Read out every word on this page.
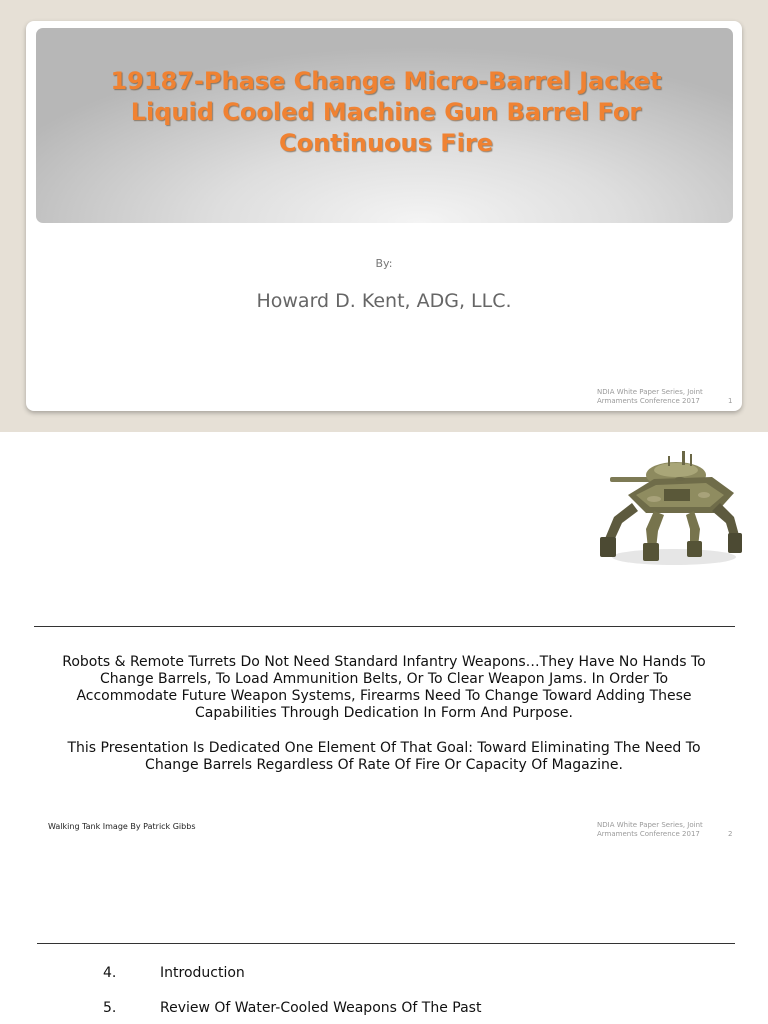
19187-Phase Change Micro-Barrel Jacket Liquid Cooled Machine Gun Barrel For Continuous Fire
By:
Howard D. Kent, ADG, LLC.
NDIA White Paper Series, Joint Armaments Conference 2017	1

Robots & Remote Turrets Do Not Need Standard Infantry Weapons…They Have No Hands To Change Barrels, To Load Ammunition Belts, Or To Clear Weapon Jams. In Order To Accommodate Future Weapon Systems, Firearms Need To Change Toward Adding These Capabilities Through Dedication In Form And Purpose.

This Presentation Is Dedicated One Element Of That Goal: Toward Eliminating The Need To Change Barrels Regardless Of Rate Of Fire Or Capacity Of Magazine.

Walking Tank Image By Patrick Gibbs	NDIA White Paper Series, Joint Armaments Conference 2017	2
4.	Introduction
5.	Review Of Water-Cooled Weapons Of The Past
